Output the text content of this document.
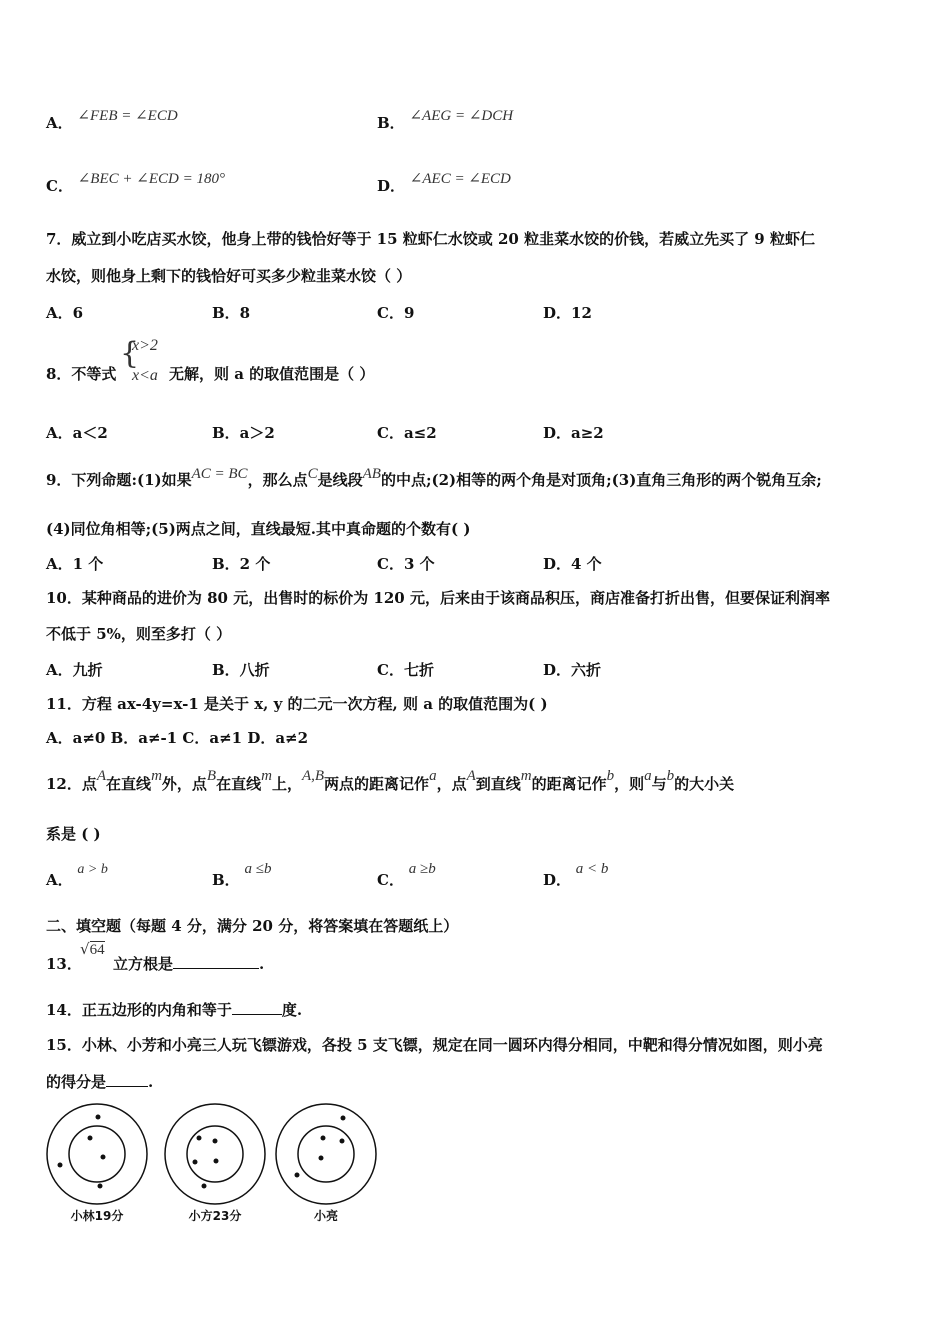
A． ∠FEB = ∠ECD	B． ∠AEG = ∠DCH
C． ∠BEC + ∠ECD = 180°	D． ∠AEC = ∠ECD
7．威立到小吃店买水饺，他身上带的钱恰好等于 15 粒虾仁水饺或 20 粒韭菜水饺的价钱，若威立先买了 9 粒虾仁
水饺，则他身上剩下的钱恰好可买多少粒韭菜水饺（ ）
A．6	B．8	C．9	D．12
8．不等式
{
x>2
x<a 无解，则 a 的取值范围是（ ）
A．a＜2	B．a＞2	C．a≤2	D．a≥2
9．下列命题:(1)如果AC = BC，那么点C是线段AB的中点;(2)相等的两个角是对顶角;(3)直角三角形的两个锐角互余;
(4)同位角相等;(5)两点之间，直线最短.其中真命题的个数有( )
A．1 个	B．2 个	C．3 个	D．4 个
10．某种商品的进价为 80 元，出售时的标价为 120 元，后来由于该商品积压，商店准备打折出售，但要保证利润率
不低于 5%，则至多打（ ）
A．九折	B．八折	C．七折	D．六折
11．方程 ax-4y=x-1 是关于 x, y 的二元一次方程, 则 a 的取值范围为( )
A．a≠0 B．a≠-1 C．a≠1 D．a≠2
12．点A在直线m外，点B在直线m上，A,B两点的距离记作a，点A到直线m的距离记作b，则a与b的大小关
系是 ( )
A． a > b
B． a ≤b
C． a ≥b
D． a < b
二、填空题（每题 4 分，满分 20 分，将答案填在答题纸上）
13．
√64
立方根是	.
14．正五边形的内角和等于	度.
15．小林、小芳和小亮三人玩飞镖游戏，各投 5 支飞镖，规定在同一圆环内得分相同，中靶和得分情况如图，则小亮
的得分是	.
小林19分	小方23分	小亮
